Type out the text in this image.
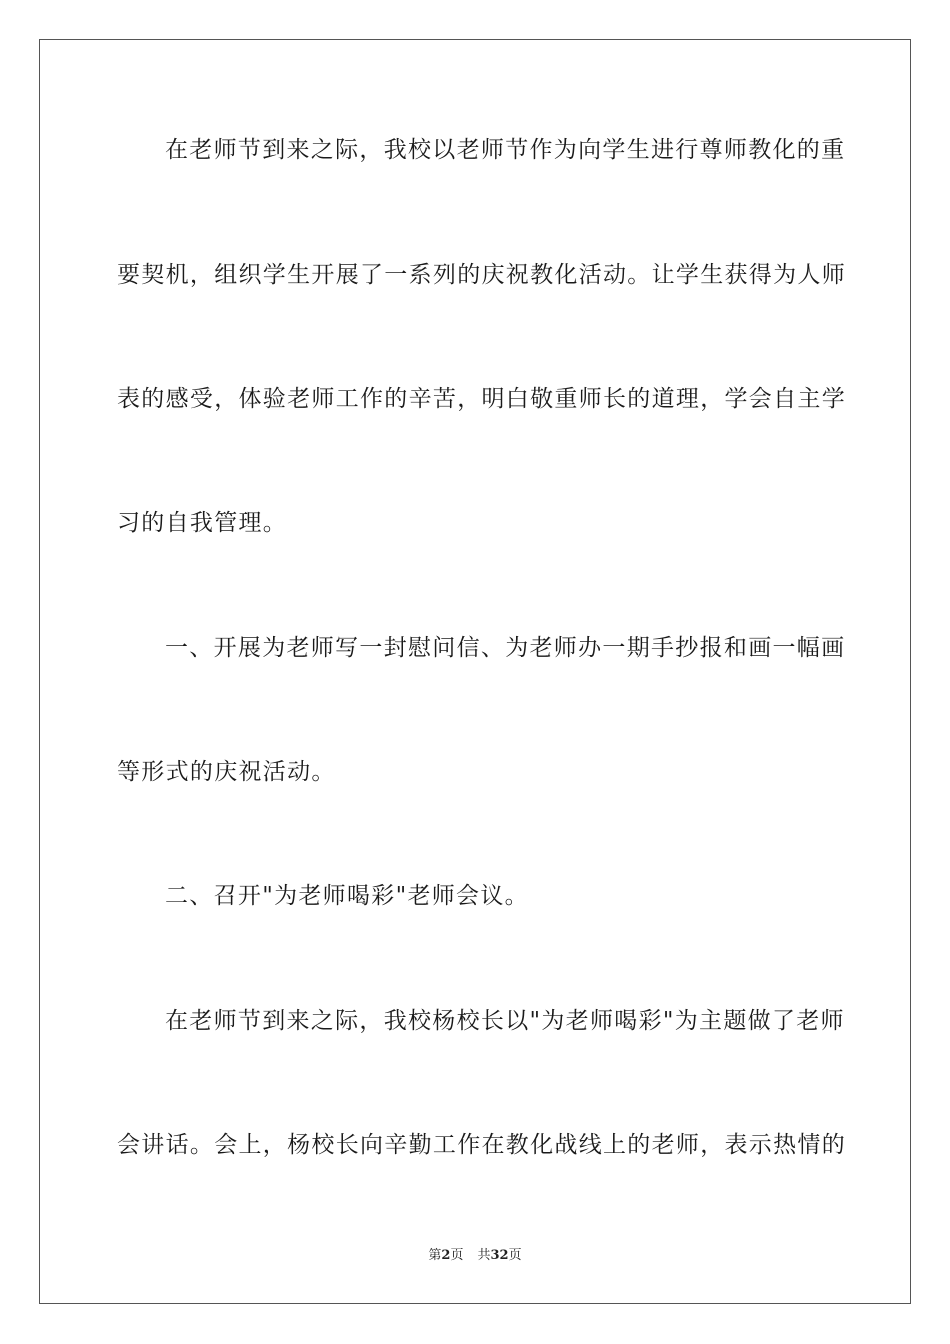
在老师节到来之际，我校以老师节作为向学生进行尊师教化的重
要契机，组织学生开展了一系列的庆祝教化活动。让学生获得为人师
表的感受，体验老师工作的辛苦，明白敬重师长的道理，学会自主学
习的自我管理。
一、开展为老师写一封慰问信、为老师办一期手抄报和画一幅画
等形式的庆祝活动。
二、召开"为老师喝彩"老师会议。
在老师节到来之际，我校杨校长以"为老师喝彩"为主题做了老师
会讲话。会上，杨校长向辛勤工作在教化战线上的老师，表示热情的
第2页 共32页
